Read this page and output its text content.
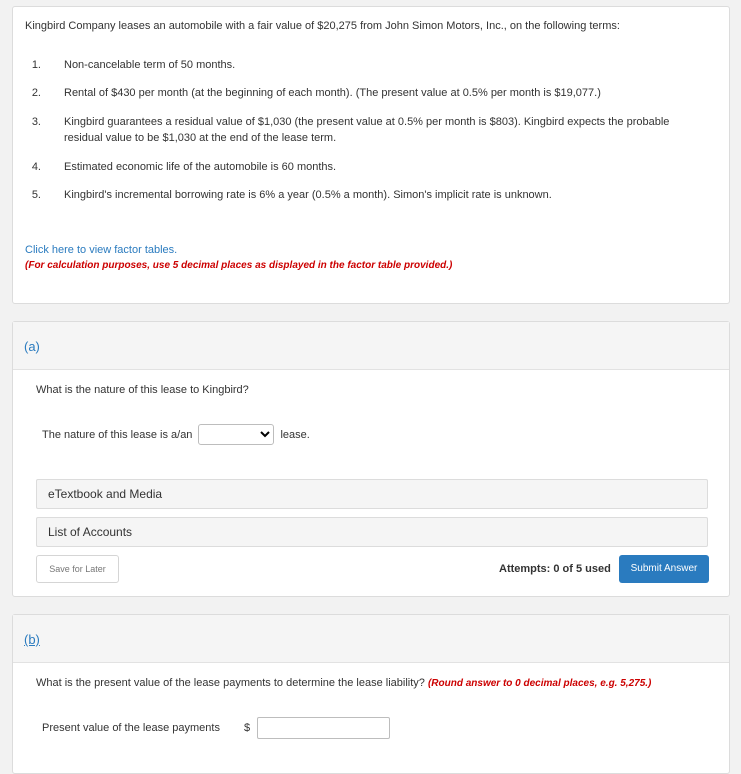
Kingbird Company leases an automobile with a fair value of $20,275 from John Simon Motors, Inc., on the following terms:
1. Non-cancelable term of 50 months.
2. Rental of $430 per month (at the beginning of each month). (The present value at 0.5% per month is $19,077.)
3. Kingbird guarantees a residual value of $1,030 (the present value at 0.5% per month is $803). Kingbird expects the probable residual value to be $1,030 at the end of the lease term.
4. Estimated economic life of the automobile is 60 months.
5. Kingbird's incremental borrowing rate is 6% a year (0.5% a month). Simon's implicit rate is unknown.
Click here to view factor tables.
(For calculation purposes, use 5 decimal places as displayed in the factor table provided.)
(a)
What is the nature of this lease to Kingbird?
The nature of this lease is a/an	lease.
eTextbook and Media
List of Accounts
Save for Later	Attempts: 0 of 5 used	Submit Answer
(b)
What is the present value of the lease payments to determine the lease liability? (Round answer to 0 decimal places, e.g. 5,275.)
Present value of the lease payments $
